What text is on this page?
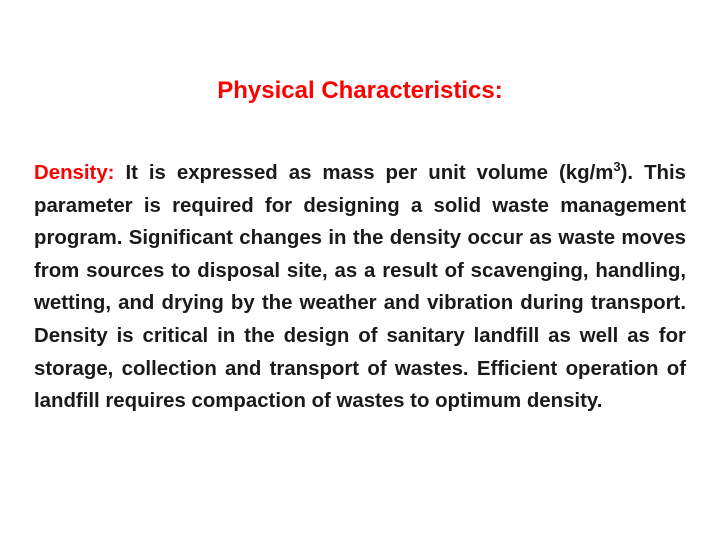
Physical Characteristics:

Density: It is expressed as mass per unit volume $(kg/m^3)$. This parameter is required for designing a solid waste management program. Significant changes in the density occur as waste moves from sources to disposal site, as a result of scavenging, handling, wetting, and drying by the weather and vibration during transport. Density is critical in the design of sanitary landfill as well as for storage, collection and transport of wastes. Efficient operation of landfill requires compaction of wastes to optimum density.
